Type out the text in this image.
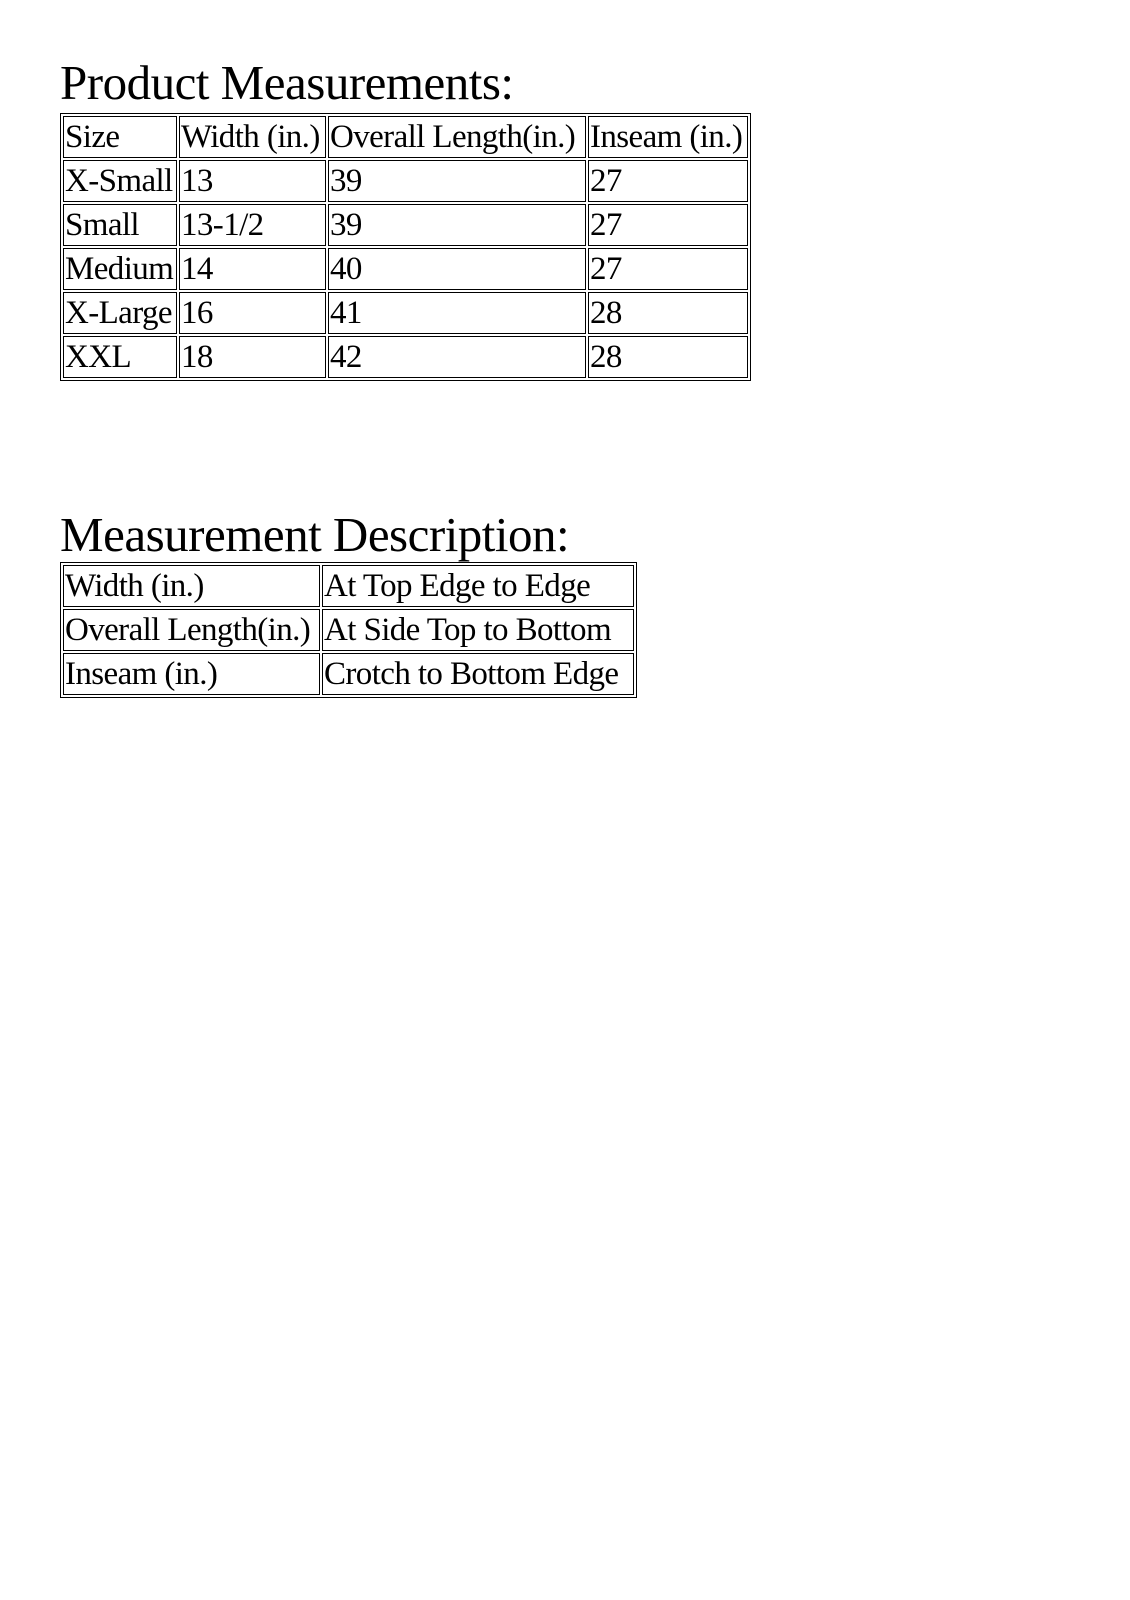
Product Measurements:
Size	Width (in.)	Overall Length(in.)	Inseam (in.)
X-Small	13	39	27
Small	13-1/2	39	27
Medium	14	40	27
X-Large	16	41	28
XXL	18	42	28
Measurement Description:
Width (in.)	At Top Edge to Edge
Overall Length(in.)	At Side Top to Bottom
Inseam (in.)	Crotch to Bottom Edge
